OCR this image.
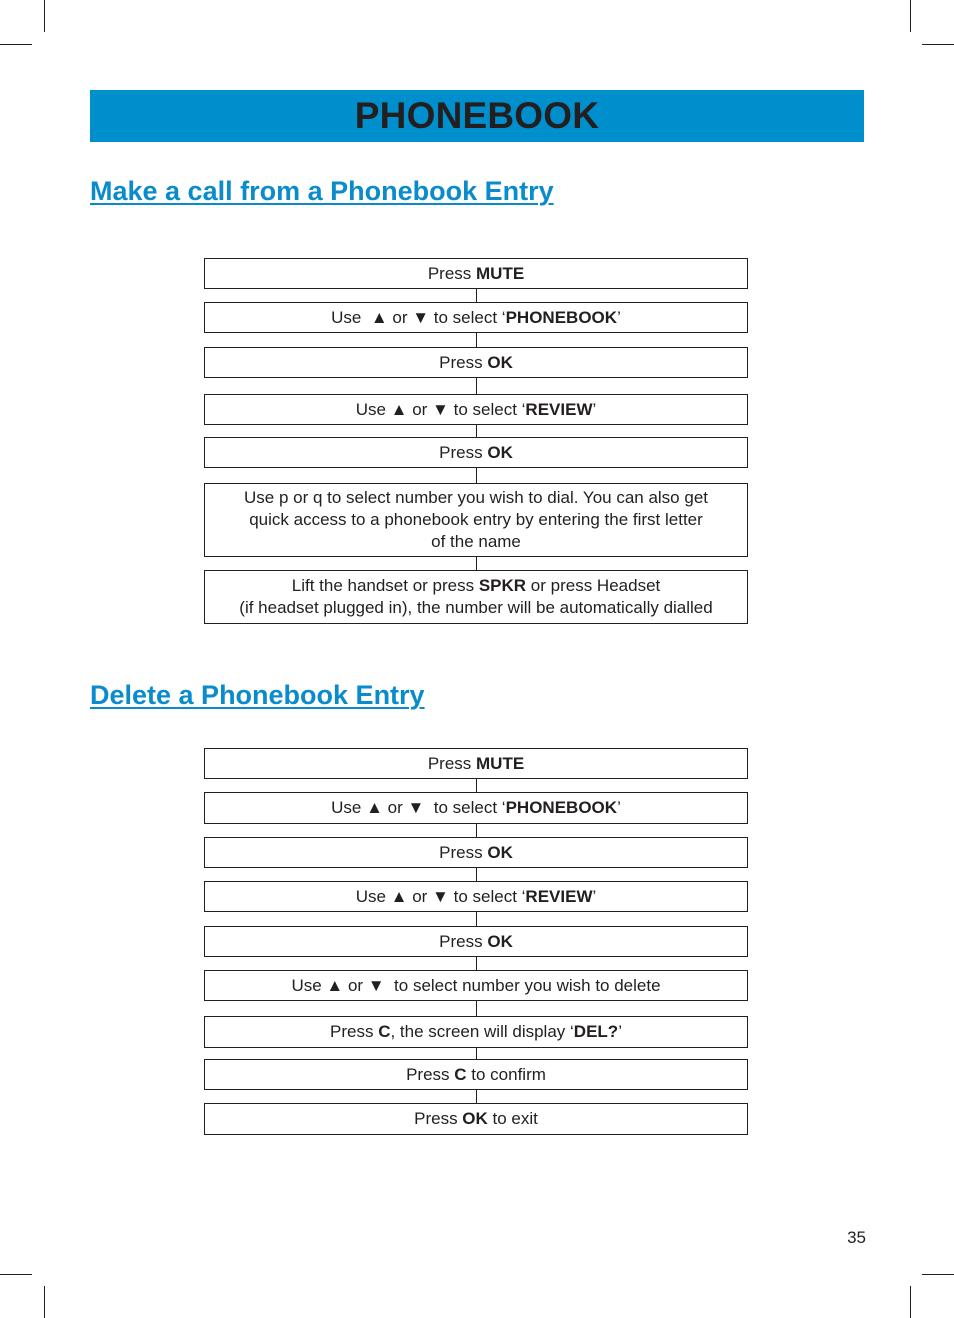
PHONEBOOK
Make a call from a Phonebook Entry
Press MUTE
Use  ▲ or ▼ to select ‘PHONEBOOK’
Press OK
Use ▲ or ▼ to select ‘REVIEW’
Press OK
Use p or q to select number you wish to dial. You can also get
quick access to a phonebook entry by entering the first letter
of the name
Lift the handset or press SPKR or press Headset
(if headset plugged in), the number will be automatically dialled
Delete a Phonebook Entry
Press MUTE
Use ▲ or ▼  to select ‘PHONEBOOK’
Press OK
Use ▲ or ▼ to select ‘REVIEW’
Press OK
Use ▲ or ▼  to select number you wish to delete
Press C, the screen will display ‘DEL?’
Press C to confirm
Press OK to exit
35
